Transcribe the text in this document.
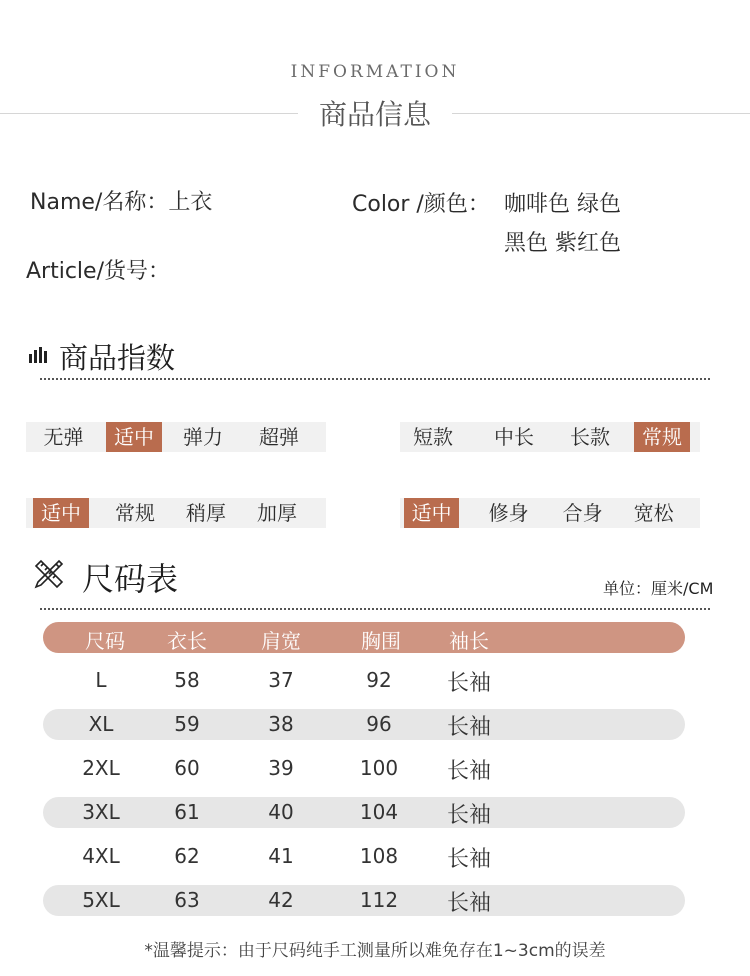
INFORMATION
商品信息
Name/名称：上衣	Color /颜色： 咖啡色 绿色
黑色 紫红色
Article/货号：
商品指数
无弹	适中	弹力	超弹	短款	中长	长款	常规
适中	常规	稍厚	加厚	适中	修身	合身	宽松
尺码表	单位：厘米/CM
尺码	衣长	肩宽	胸围	袖长
L	58	37	92	长袖
XL	59	38	96	长袖
2XL	60	39	100	长袖
3XL	61	40	104	长袖
4XL	62	41	108	长袖
5XL	63	42	112	长袖
*温馨提示：由于尺码纯手工测量所以难免存在1~3cm的误差
